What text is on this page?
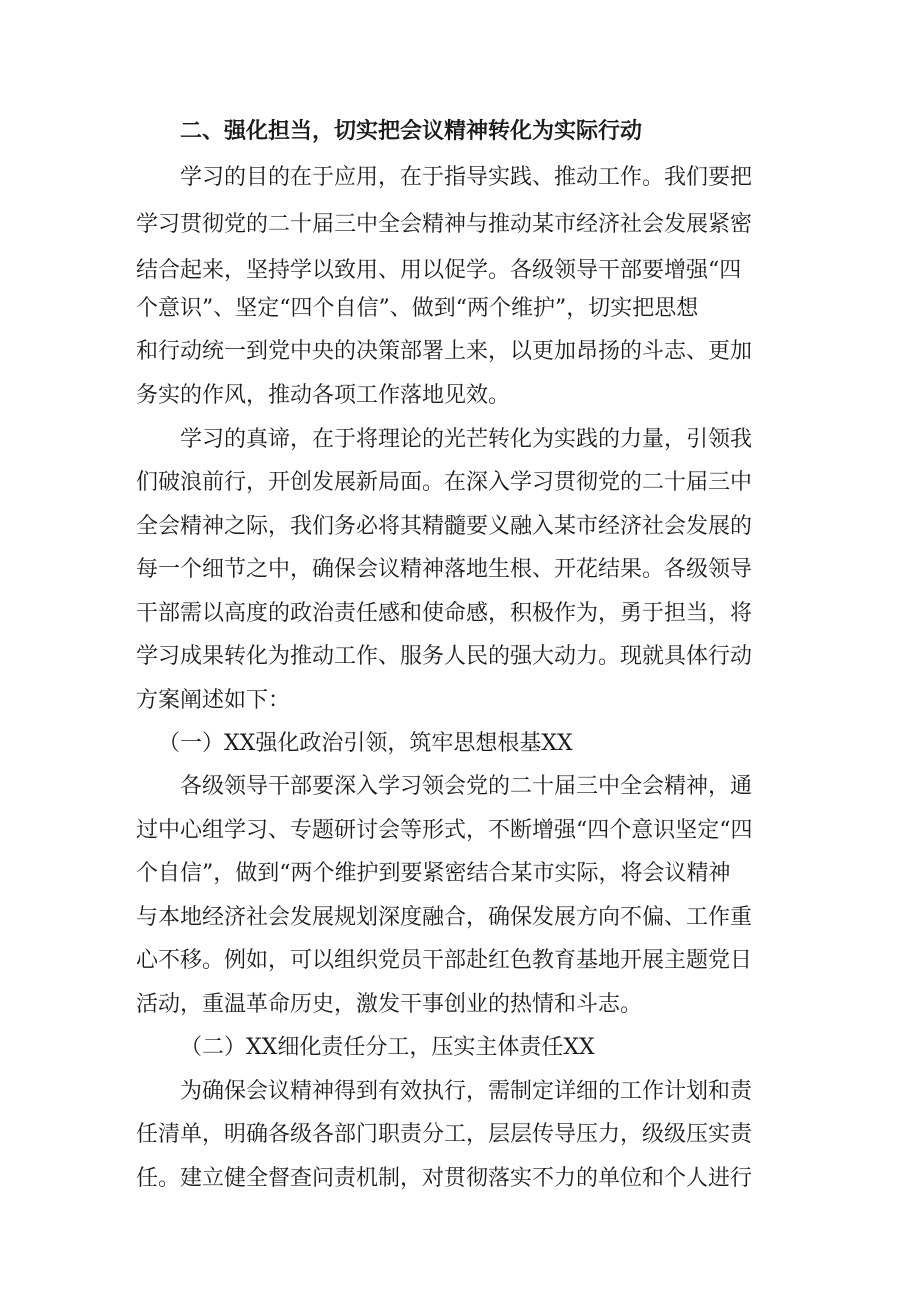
二、强化担当，切实把会议精神转化为实际行动
学习的目的在于应用，在于指导实践、推动工作。我们要把
学习贯彻党的二十届三中全会精神与推动某市经济社会发展紧密
结合起来，坚持学以致用、用以促学。各级领导干部要增强“四
个意识”、坚定“四个自信”、做到“两个维护”，切实把思想
和行动统一到党中央的决策部署上来，以更加昂扬的斗志、更加
务实的作风，推动各项工作落地见效。
学习的真谛，在于将理论的光芒转化为实践的力量，引领我
们破浪前行，开创发展新局面。在深入学习贯彻党的二十届三中
全会精神之际，我们务必将其精髓要义融入某市经济社会发展的
每一个细节之中，确保会议精神落地生根、开花结果。各级领导
干部需以高度的政治责任感和使命感，积极作为，勇于担当，将
学习成果转化为推动工作、服务人民的强大动力。现就具体行动
方案阐述如下：
（一）XX强化政治引领，筑牢思想根基XX
各级领导干部要深入学习领会党的二十届三中全会精神，通
过中心组学习、专题研讨会等形式，不断增强“四个意识坚定“四
个自信”，做到“两个维护到要紧密结合某市实际，将会议精神
与本地经济社会发展规划深度融合，确保发展方向不偏、工作重
心不移。例如，可以组织党员干部赴红色教育基地开展主题党日
活动，重温革命历史，激发干事创业的热情和斗志。
（二）XX细化责任分工，压实主体责任XX
为确保会议精神得到有效执行，需制定详细的工作计划和责
任清单，明确各级各部门职责分工，层层传导压力，级级压实责
任。建立健全督查问责机制，对贯彻落实不力的单位和个人进行
